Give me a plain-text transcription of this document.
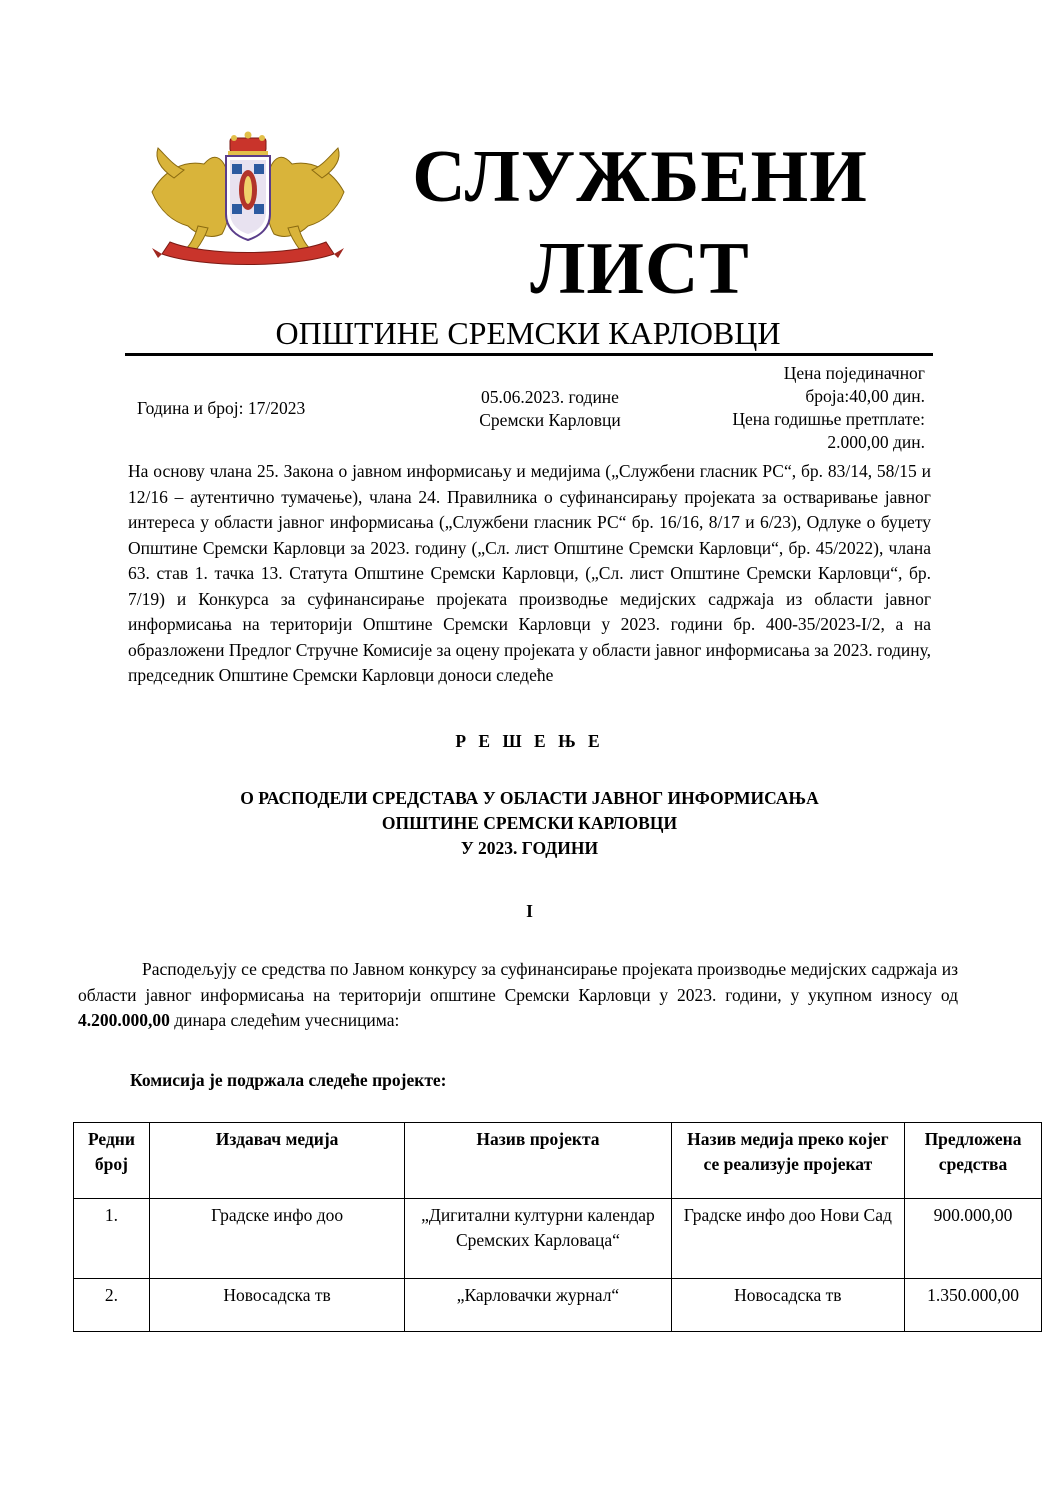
СЛУЖБЕНИ
ЛИСТ
ОПШТИНЕ СРЕМСКИ КАРЛОВЦИ
Година и број: 17/2023
05.06.2023. године
Сремски Карловци
Цена појединачног
броја:40,00 дин.
Цена годишње претплате:
2.000,00 дин.
На основу члана 25. Закона о јавном информисању и медијима („Службени гласник РС“, бр. 83/14, 58/15 и 12/16 – аутентично тумачење), члана 24. Правилника о суфинансирању пројеката за остваривање јавног интереса у области јавног информисања („Службени гласник РС“ бр. 16/16, 8/17 и 6/23), Одлуке о буџету Општине Сремски Карловци за 2023. годину („Сл. лист Општине Сремски Карловци“, бр. 45/2022), члана 63. став 1. тачка 13. Статута Општине Сремски Карловци, („Сл. лист Општине Сремски Карловци“, бр. 7/19) и Конкурса за суфинансирање пројеката производње медијских садржаја из области јавног информисања на територији Општине Сремски Карловци у 2023. години бр. 400-35/2023-I/2, а на образложени Предлог Стручне Комисије за оцену пројеката у области јавног информисања за 2023. годину, председник Општине Сремски Карловци доноси следеће
Р Е Ш Е Њ Е
О РАСПОДЕЛИ СРЕДСТАВА У ОБЛАСТИ ЈАВНОГ ИНФОРМИСАЊА
ОПШТИНЕ СРЕМСКИ КАРЛОВЦИ
У 2023. ГОДИНИ
I
Расподељују се средства по Јавном конкурсу за суфинансирање пројеката производње медијских садржаја из области јавног информисања на територији општине Сремски Карловци у 2023. години, у укупном износу од 4.200.000,00 динара следећим учесницима:
Комисија је подржала следеће пројекте:
Редни број	Издавач медија	Назив пројекта	Назив медија преко којег се реализује пројекат	Предложена средства
1.	Градске инфо доо	„Дигитални културни календар Сремских Карловаца“	Градске инфо доо Нови Сад	900.000,00
2.	Новосадска тв	„Карловачки журнал“	Новосадска тв	1.350.000,00
